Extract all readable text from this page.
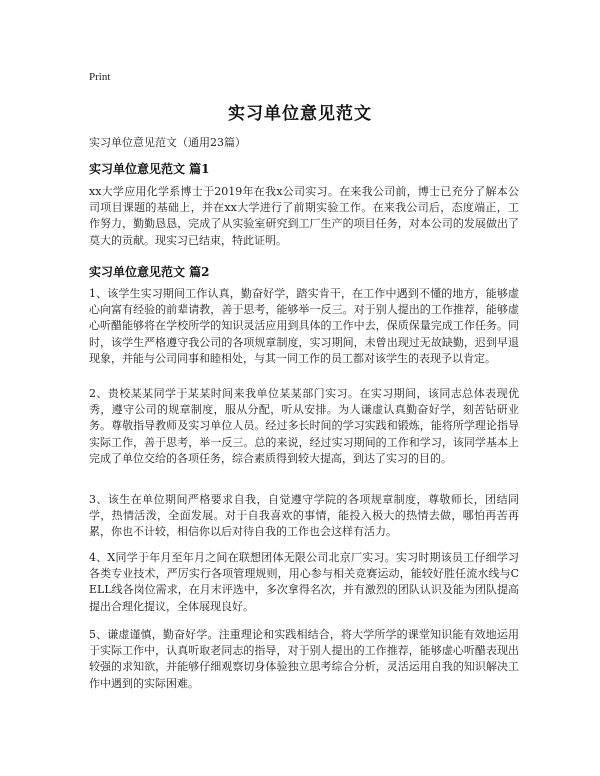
Print
实习单位意见范文
实习单位意见范文（通用23篇）
实习单位意见范文 篇1
xx大学应用化学系博士于2019年在我x公司实习。在来我公司前，博士已充分了解本公司项目课题的基础上，并在xx大学进行了前期实验工作。在来我公司后，态度端正，工作努力，勤勤恳恳，完成了从实验室研究到工厂生产的项目任务，对本公司的发展做出了莫大的贡献。现实习已结束，特此证明。
实习单位意见范文 篇2
1、该学生实习期间工作认真，勤奋好学，踏实肯干，在工作中遇到不懂的地方，能够虚心向富有经验的前辈请教，善于思考，能够举一反三。对于别人提出的工作推荐，能够虚心听醋能够将在学校所学的知识灵活应用到具体的工作中去，保质保量完成工作任务。同时，该学生严格遵守我公司的各项规章制度，实习期间，未曾出现过无故缺勤，迟到早退现象，并能与公司同事和睦相处，与其一同工作的员工都对该学生的表现予以肯定。
2、贵校某某同学于某某时间来我单位某某部门实习。在实习期间，该同志总体表现优秀，遵守公司的规章制度，服从分配，听从安排。为人谦虚认真勤奋好学，刻苦钻研业务。尊敬指导教师及实习单位人员。经过多长时间的学习实践和锻炼，能将所学理论指导实际工作，善于思考，举一反三。总的来说，经过实习期间的工作和学习，该同学基本上完成了单位交给的各项任务，综合素质得到较大提高，到达了实习的目的。
3、该生在单位期间严格要求自我，自觉遵守学院的各项规章制度，尊敬师长，团结同学，热情活泼，全面发展。对于自我喜欢的事情，能投入极大的热情去做，哪怕再苦再累，你也不计较，相信你以后对待自我的工作也会这样有活力。
4、X同学于年月至年月之间在联想团体无限公司北京厂实习。实习时期该员工仔细学习各类专业技术，严厉实行各项管理规则，用心参与相关竞赛运动，能较好胜任流水线与CELL线各岗位需求，在月末评选中，多次拿得名次，并有激烈的团队认识及能为团队提高提出合理化提议，全体展现良好。
5、谦虚谨慎，勤奋好学。注重理论和实践相结合，将大学所学的课堂知识能有效地运用于实际工作中，认真听取老同志的指导，对于别人提出的工作推荐，能够虚心听醋表现出较强的求知欲，并能够仔细观察切身体验独立思考综合分析，灵活运用自我的知识解决工作中遇到的实际困难。
